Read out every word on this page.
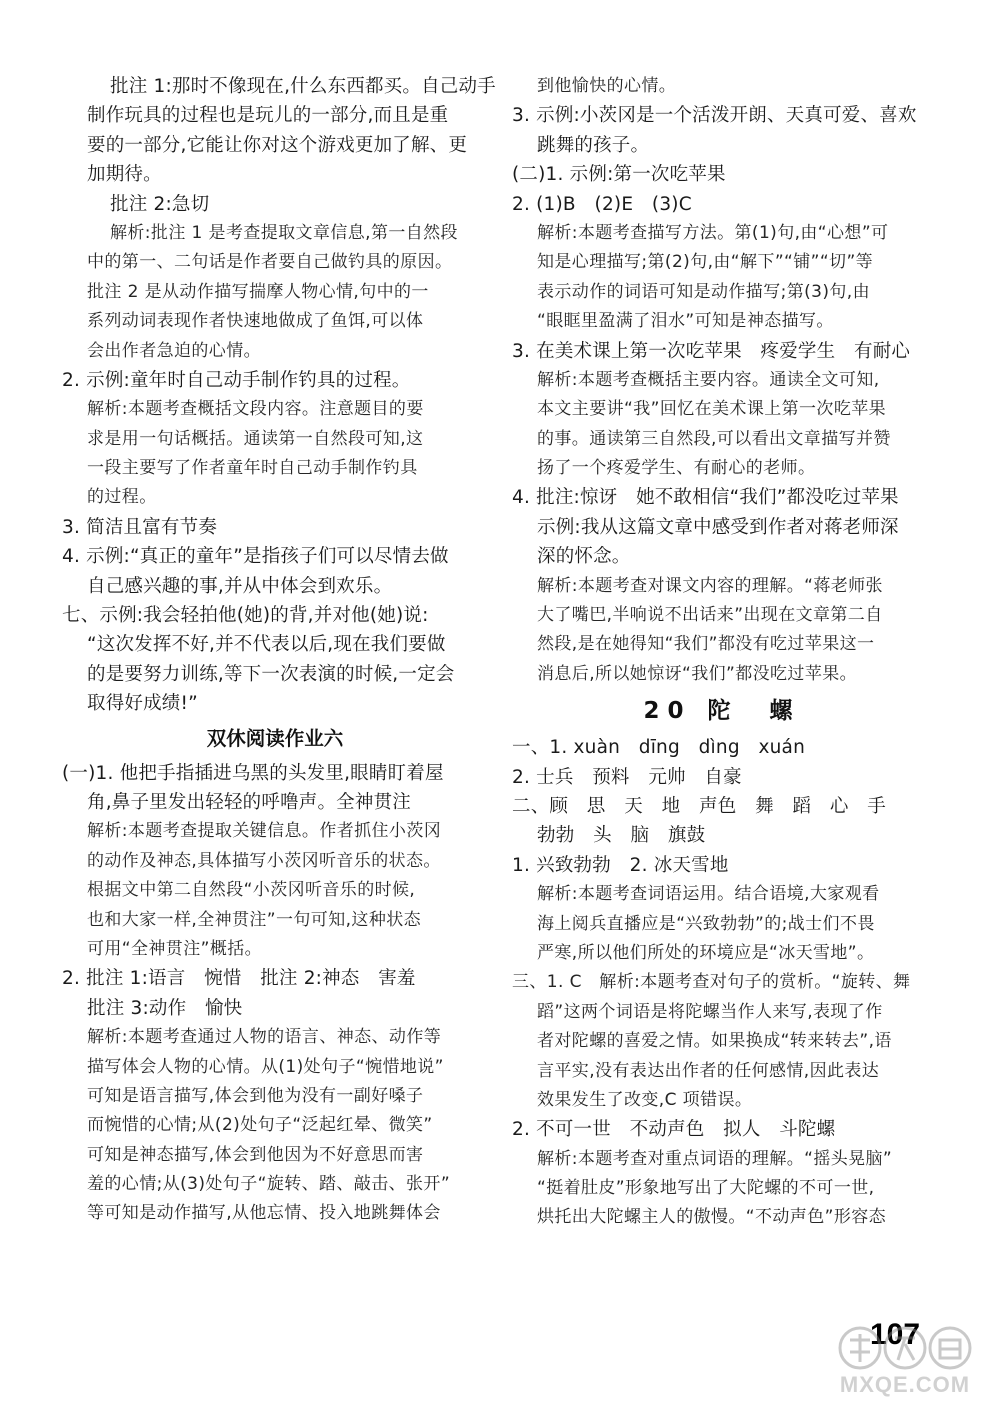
批注 1:那时不像现在,什么东西都买。自己动手
制作玩具的过程也是玩儿的一部分,而且是重
要的一部分,它能让你对这个游戏更加了解、更
加期待。
批注 2:急切
解析:批注 1 是考查提取文章信息,第一自然段
中的第一、二句话是作者要自己做钓具的原因。
批注 2 是从动作描写揣摩人物心情,句中的一
系列动词表现作者快速地做成了鱼饵,可以体
会出作者急迫的心情。
2. 示例:童年时自己动手制作钓具的过程。
解析:本题考查概括文段内容。注意题目的要
求是用一句话概括。通读第一自然段可知,这
一段主要写了作者童年时自己动手制作钓具
的过程。
3. 简洁且富有节奏
4. 示例:“真正的童年”是指孩子们可以尽情去做
自己感兴趣的事,并从中体会到欢乐。
七、示例:我会轻拍他(她)的背,并对他(她)说:
“这次发挥不好,并不代表以后,现在我们要做
的是要努力训练,等下一次表演的时候,一定会
取得好成绩!”
双休阅读作业六
(一)1. 他把手指插进乌黑的头发里,眼睛盯着屋
角,鼻子里发出轻轻的呼噜声。全神贯注
解析:本题考查提取关键信息。作者抓住小茨冈
的动作及神态,具体描写小茨冈听音乐的状态。
根据文中第二自然段“小茨冈听音乐的时候,
也和大家一样,全神贯注”一句可知,这种状态
可用“全神贯注”概括。
2. 批注 1:语言　惋惜　批注 2:神态　害羞
批注 3:动作　愉快
解析:本题考查通过人物的语言、神态、动作等
描写体会人物的心情。从(1)处句子“惋惜地说”
可知是语言描写,体会到他为没有一副好嗓子
而惋惜的心情;从(2)处句子“泛起红晕、微笑”
可知是神态描写,体会到他因为不好意思而害
羞的心情;从(3)处句子“旋转、踏、敲击、张开”
等可知是动作描写,从他忘情、投入地跳舞体会
到他愉快的心情。
3. 示例:小茨冈是一个活泼开朗、天真可爱、喜欢
跳舞的孩子。
(二)1. 示例:第一次吃苹果
2. (1)B　(2)E　(3)C
解析:本题考查描写方法。第(1)句,由“心想”可
知是心理描写;第(2)句,由“解下”“铺”“切”等
表示动作的词语可知是动作描写;第(3)句,由
“眼眶里盈满了泪水”可知是神态描写。
3. 在美术课上第一次吃苹果　疼爱学生　有耐心
解析:本题考查概括主要内容。通读全文可知,
本文主要讲“我”回忆在美术课上第一次吃苹果
的事。通读第三自然段,可以看出文章描写并赞
扬了一个疼爱学生、有耐心的老师。
4. 批注:惊讶　她不敢相信“我们”都没吃过苹果
示例:我从这篇文章中感受到作者对蒋老师深
深的怀念。
解析:本题考查对课文内容的理解。“蒋老师张
大了嘴巴,半响说不出话来”出现在文章第二自
然段,是在她得知“我们”都没有吃过苹果这一
消息后,所以她惊讶“我们”都没吃过苹果。
20 陀　螺
一、1. xuàn　dīng　dìng　xuán
2. 士兵　预料　元帅　自豪
二、顾　思　天　地　声色　舞　蹈　心　手
勃勃　头　脑　旗鼓
1. 兴致勃勃　2. 冰天雪地
解析:本题考查词语运用。结合语境,大家观看
海上阅兵直播应是“兴致勃勃”的;战士们不畏
严寒,所以他们所处的环境应是“冰天雪地”。
三、1. C　解析:本题考查对句子的赏析。“旋转、舞
蹈”这两个词语是将陀螺当作人来写,表现了作
者对陀螺的喜爱之情。如果换成“转来转去”,语
言平实,没有表达出作者的任何感情,因此表达
效果发生了改变,C 项错误。
2. 不可一世　不动声色　拟人　斗陀螺
解析:本题考查对重点词语的理解。“摇头晃脑”
“挺着肚皮”形象地写出了大陀螺的不可一世,
烘托出大陀螺主人的傲慢。“不动声色”形容态
107
MXQE.COM
